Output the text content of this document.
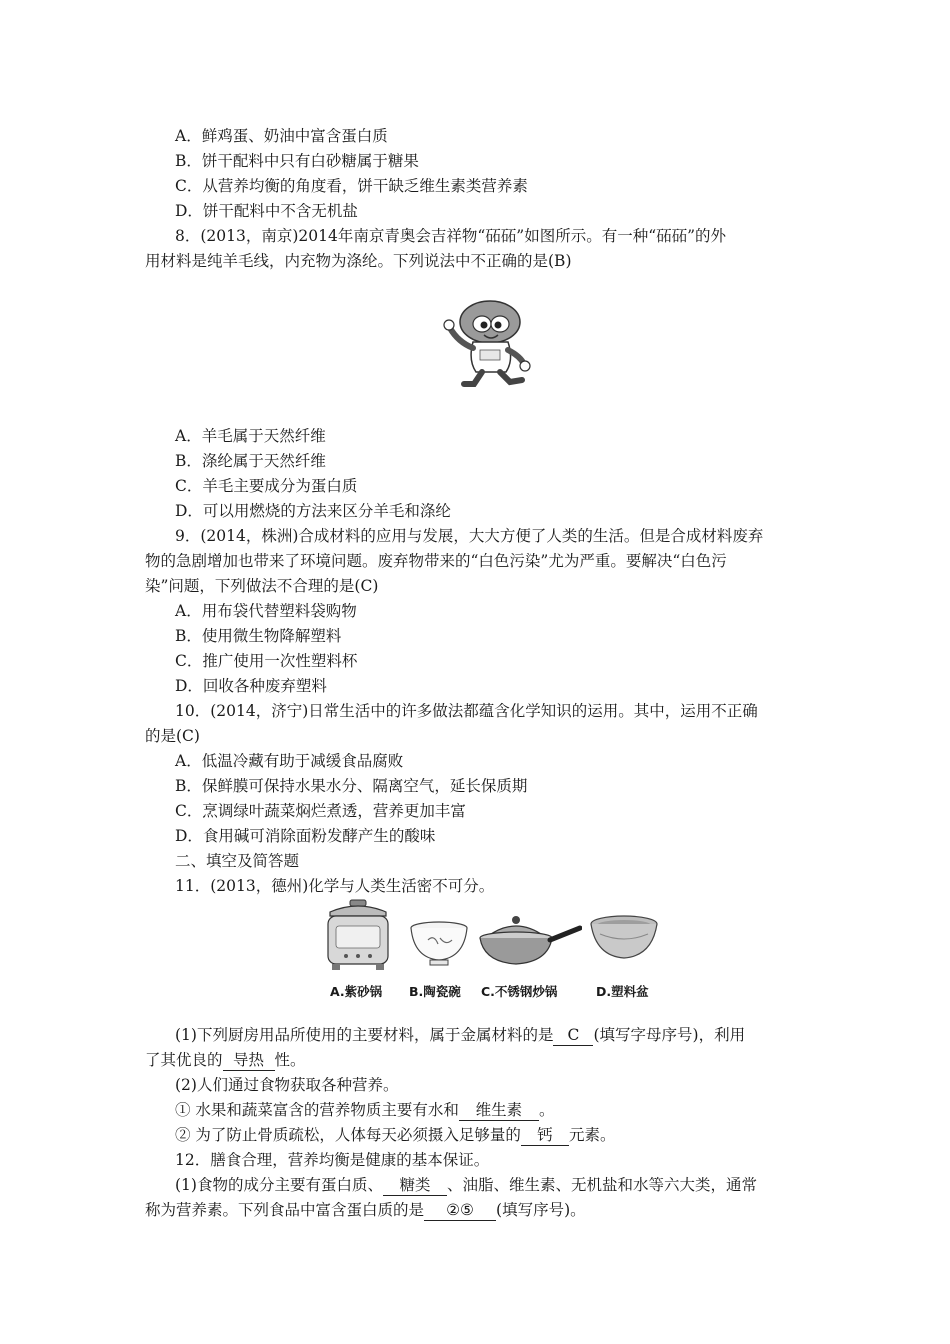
A．鲜鸡蛋、奶油中富含蛋白质
B．饼干配料中只有白砂糖属于糖果
C．从营养均衡的角度看，饼干缺乏维生素类营养素
D．饼干配料中不含无机盐
8．(2013，南京)2014年南京青奥会吉祥物“砳砳”如图所示。有一种“砳砳”的外
用材料是纯羊毛线，内充物为涤纶。下列说法中不正确的是(B)
A．羊毛属于天然纤维
B．涤纶属于天然纤维
C．羊毛主要成分为蛋白质
D．可以用燃烧的方法来区分羊毛和涤纶
9．(2014，株洲)合成材料的应用与发展，大大方便了人类的生活。但是合成材料废弃
物的急剧增加也带来了环境问题。废弃物带来的“白色污染”尤为严重。要解决“白色污
染”问题，下列做法不合理的是(C)
A．用布袋代替塑料袋购物
B．使用微生物降解塑料
C．推广使用一次性塑料杯
D．回收各种废弃塑料
10．(2014，济宁)日常生活中的许多做法都蕴含化学知识的运用。其中，运用不正确
的是(C)
A．低温冷藏有助于减缓食品腐败
B．保鲜膜可保持水果水分、隔离空气，延长保质期
C．烹调绿叶蔬菜焖烂煮透，营养更加丰富
D．食用碱可消除面粉发酵产生的酸味
二、填空及简答题
11．(2013，德州)化学与人类生活密不可分。
A.紫砂锅 B.陶瓷碗 C.不锈钢炒锅	D.塑料盆
(1)下列厨房用品所使用的主要材料，属于金属材料的是 C (填写字母序号)，利用
了其优良的 导热 性。
(2)人们通过食物获取各种营养。
① 水果和蔬菜富含的营养物质主要有水和 维生素 。
② 为了防止骨质疏松，人体每天必须摄入足够量的 钙 元素。
12．膳食合理，营养均衡是健康的基本保证。
(1)食物的成分主要有蛋白质、 糖类 、油脂、维生素、无机盐和水等六大类，通常
称为营养素。下列食品中富含蛋白质的是 ②⑤ (填写序号)。
